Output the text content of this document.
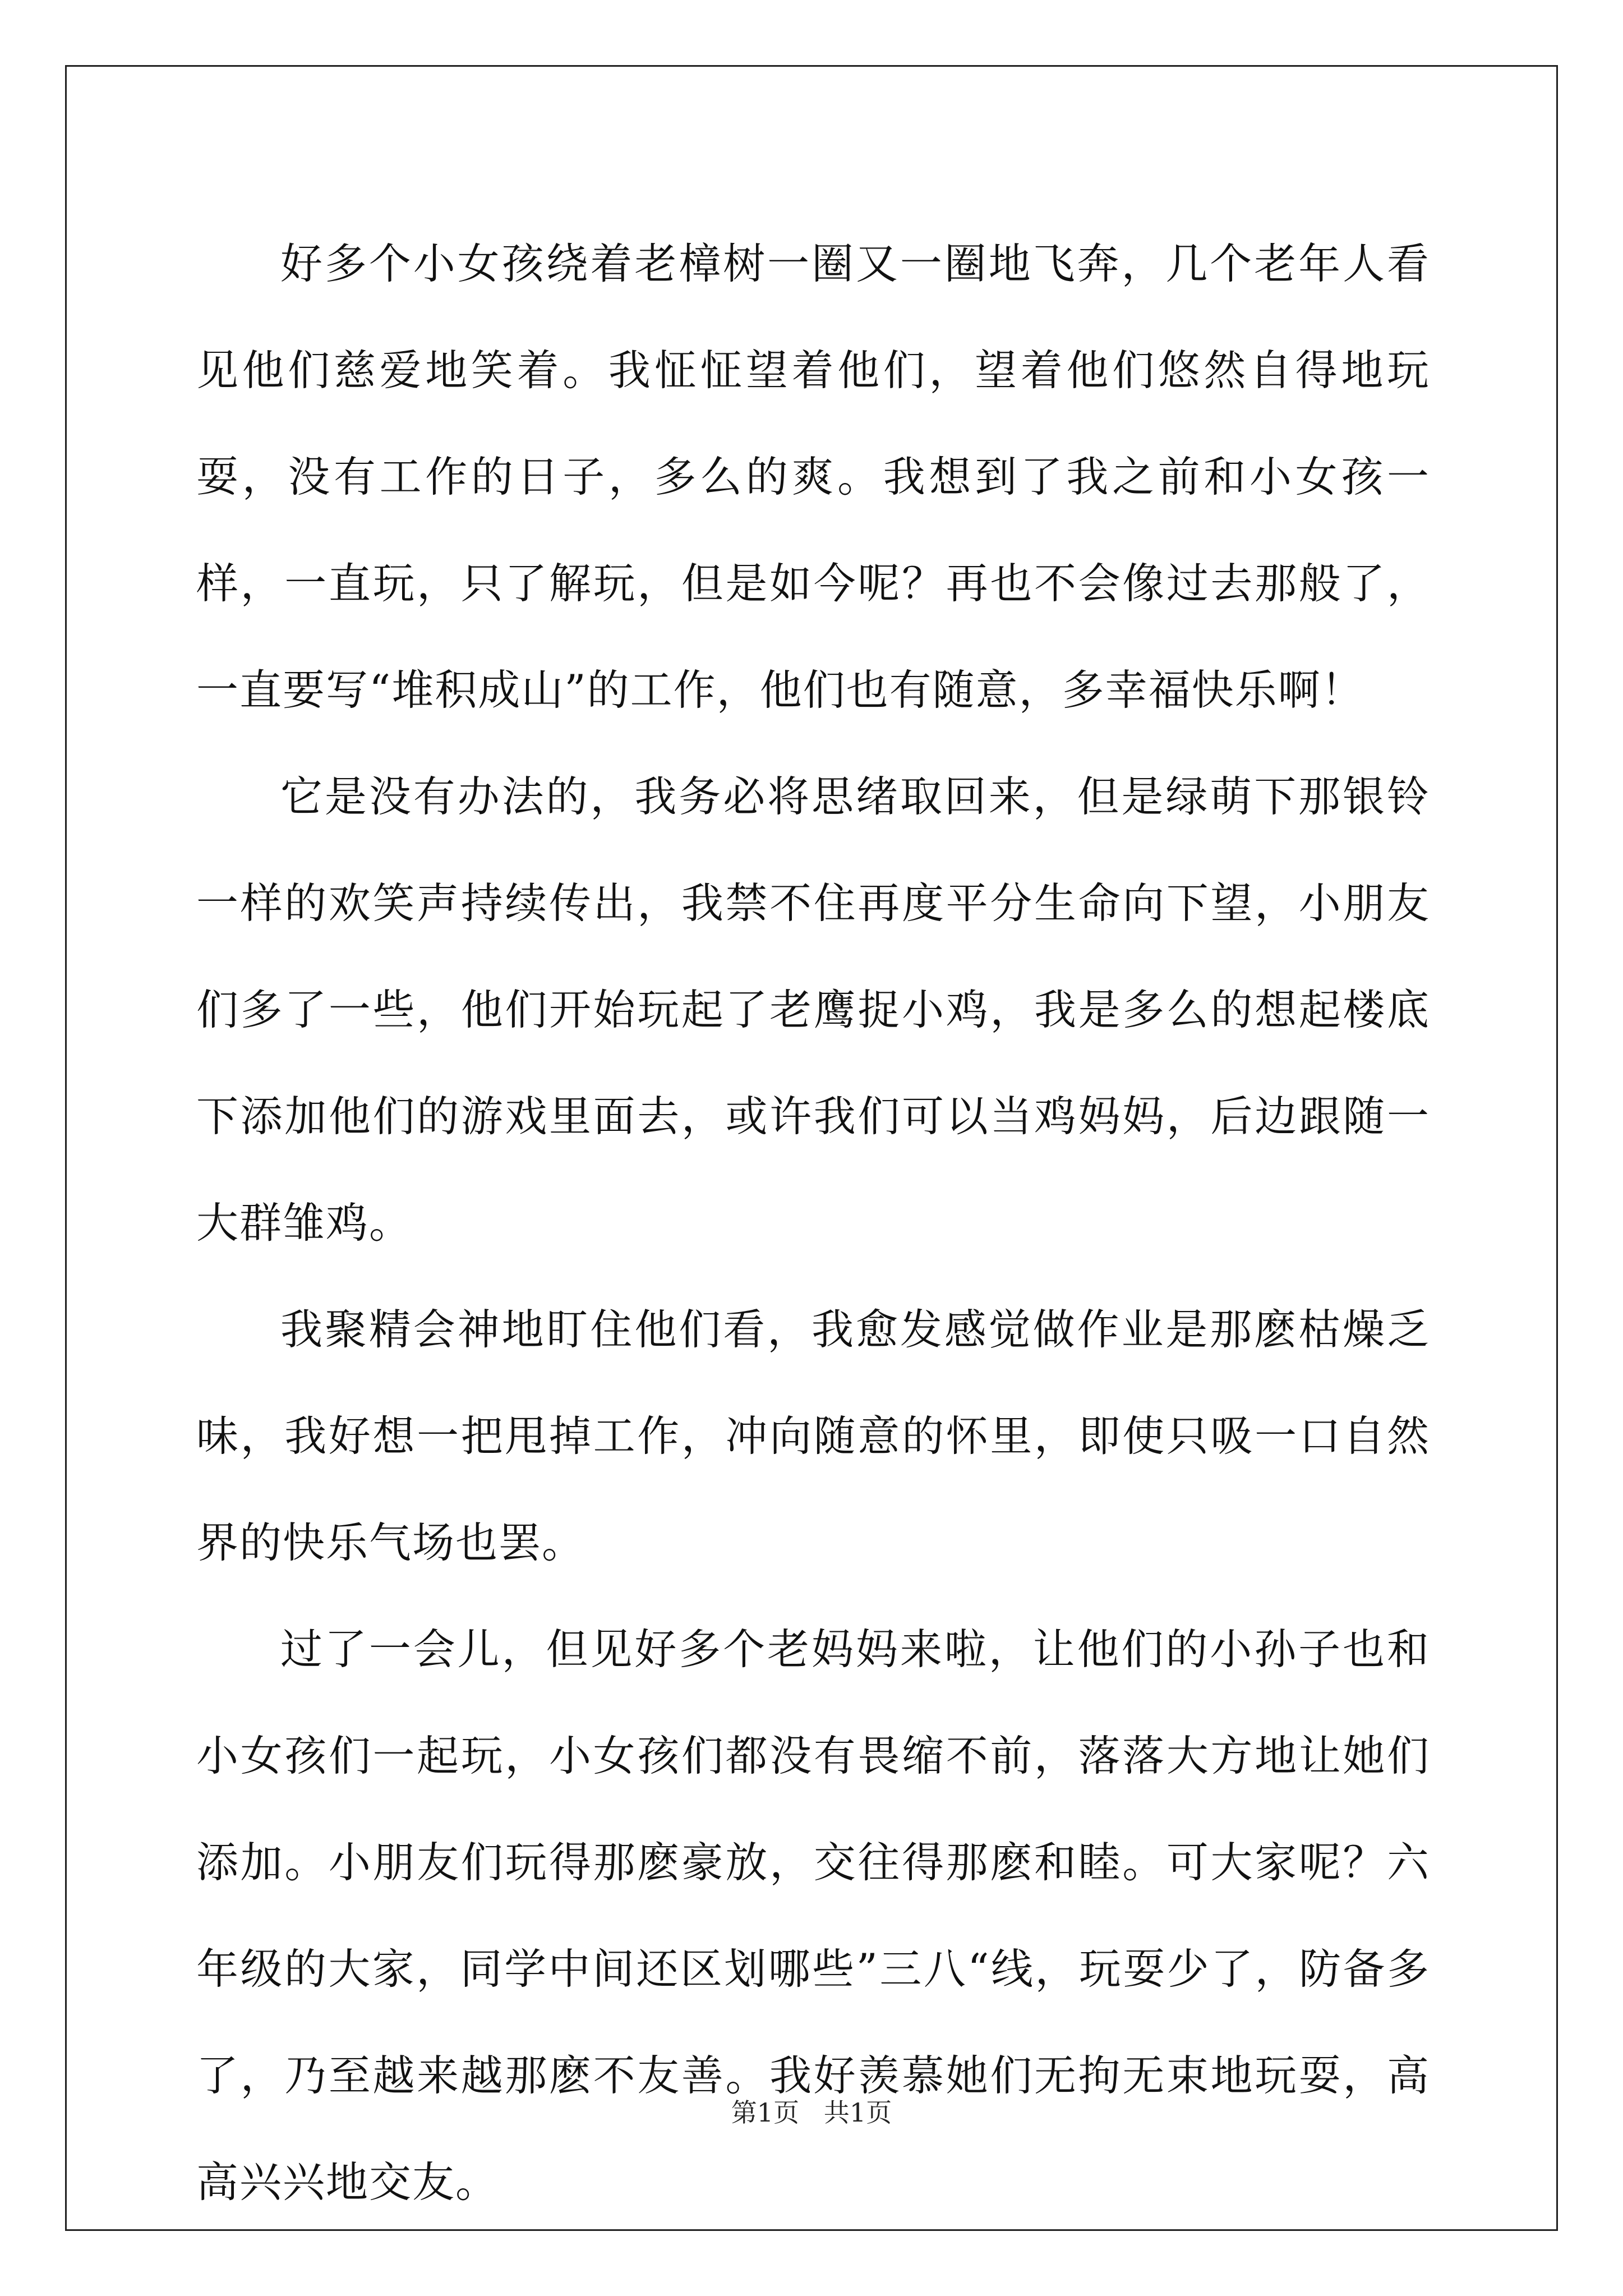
好多个小女孩绕着老樟树一圈又一圈地飞奔，几个老年人看见他们慈爱地笑着。我怔怔望着他们，望着他们悠然自得地玩耍，没有工作的日子，多么的爽。我想到了我之前和小女孩一样，一直玩，只了解玩，但是如今呢？再也不会像过去那般了，一直要写“堆积成山”的工作，他们也有随意，多幸福快乐啊！

它是没有办法的，我务必将思绪取回来，但是绿萌下那银铃一样的欢笑声持续传出，我禁不住再度平分生命向下望，小朋友们多了一些，他们开始玩起了老鹰捉小鸡，我是多么的想起楼底下添加他们的游戏里面去，或许我们可以当鸡妈妈，后边跟随一大群雏鸡。

我聚精会神地盯住他们看，我愈发感觉做作业是那麽枯燥乏味，我好想一把甩掉工作，冲向随意的怀里，即使只吸一口自然界的快乐气场也罢。

过了一会儿，但见好多个老妈妈来啦，让他们的小孙子也和小女孩们一起玩，小女孩们都没有畏缩不前，落落大方地让她们添加。小朋友们玩得那麽豪放，交往得那麽和睦。可大家呢？六年级的大家，同学中间还区划哪些”三八“线，玩耍少了，防备多了，乃至越来越那麽不友善。我好羡慕她们无拘无束地玩耍，高高兴兴地交友。

第1页   共1页
